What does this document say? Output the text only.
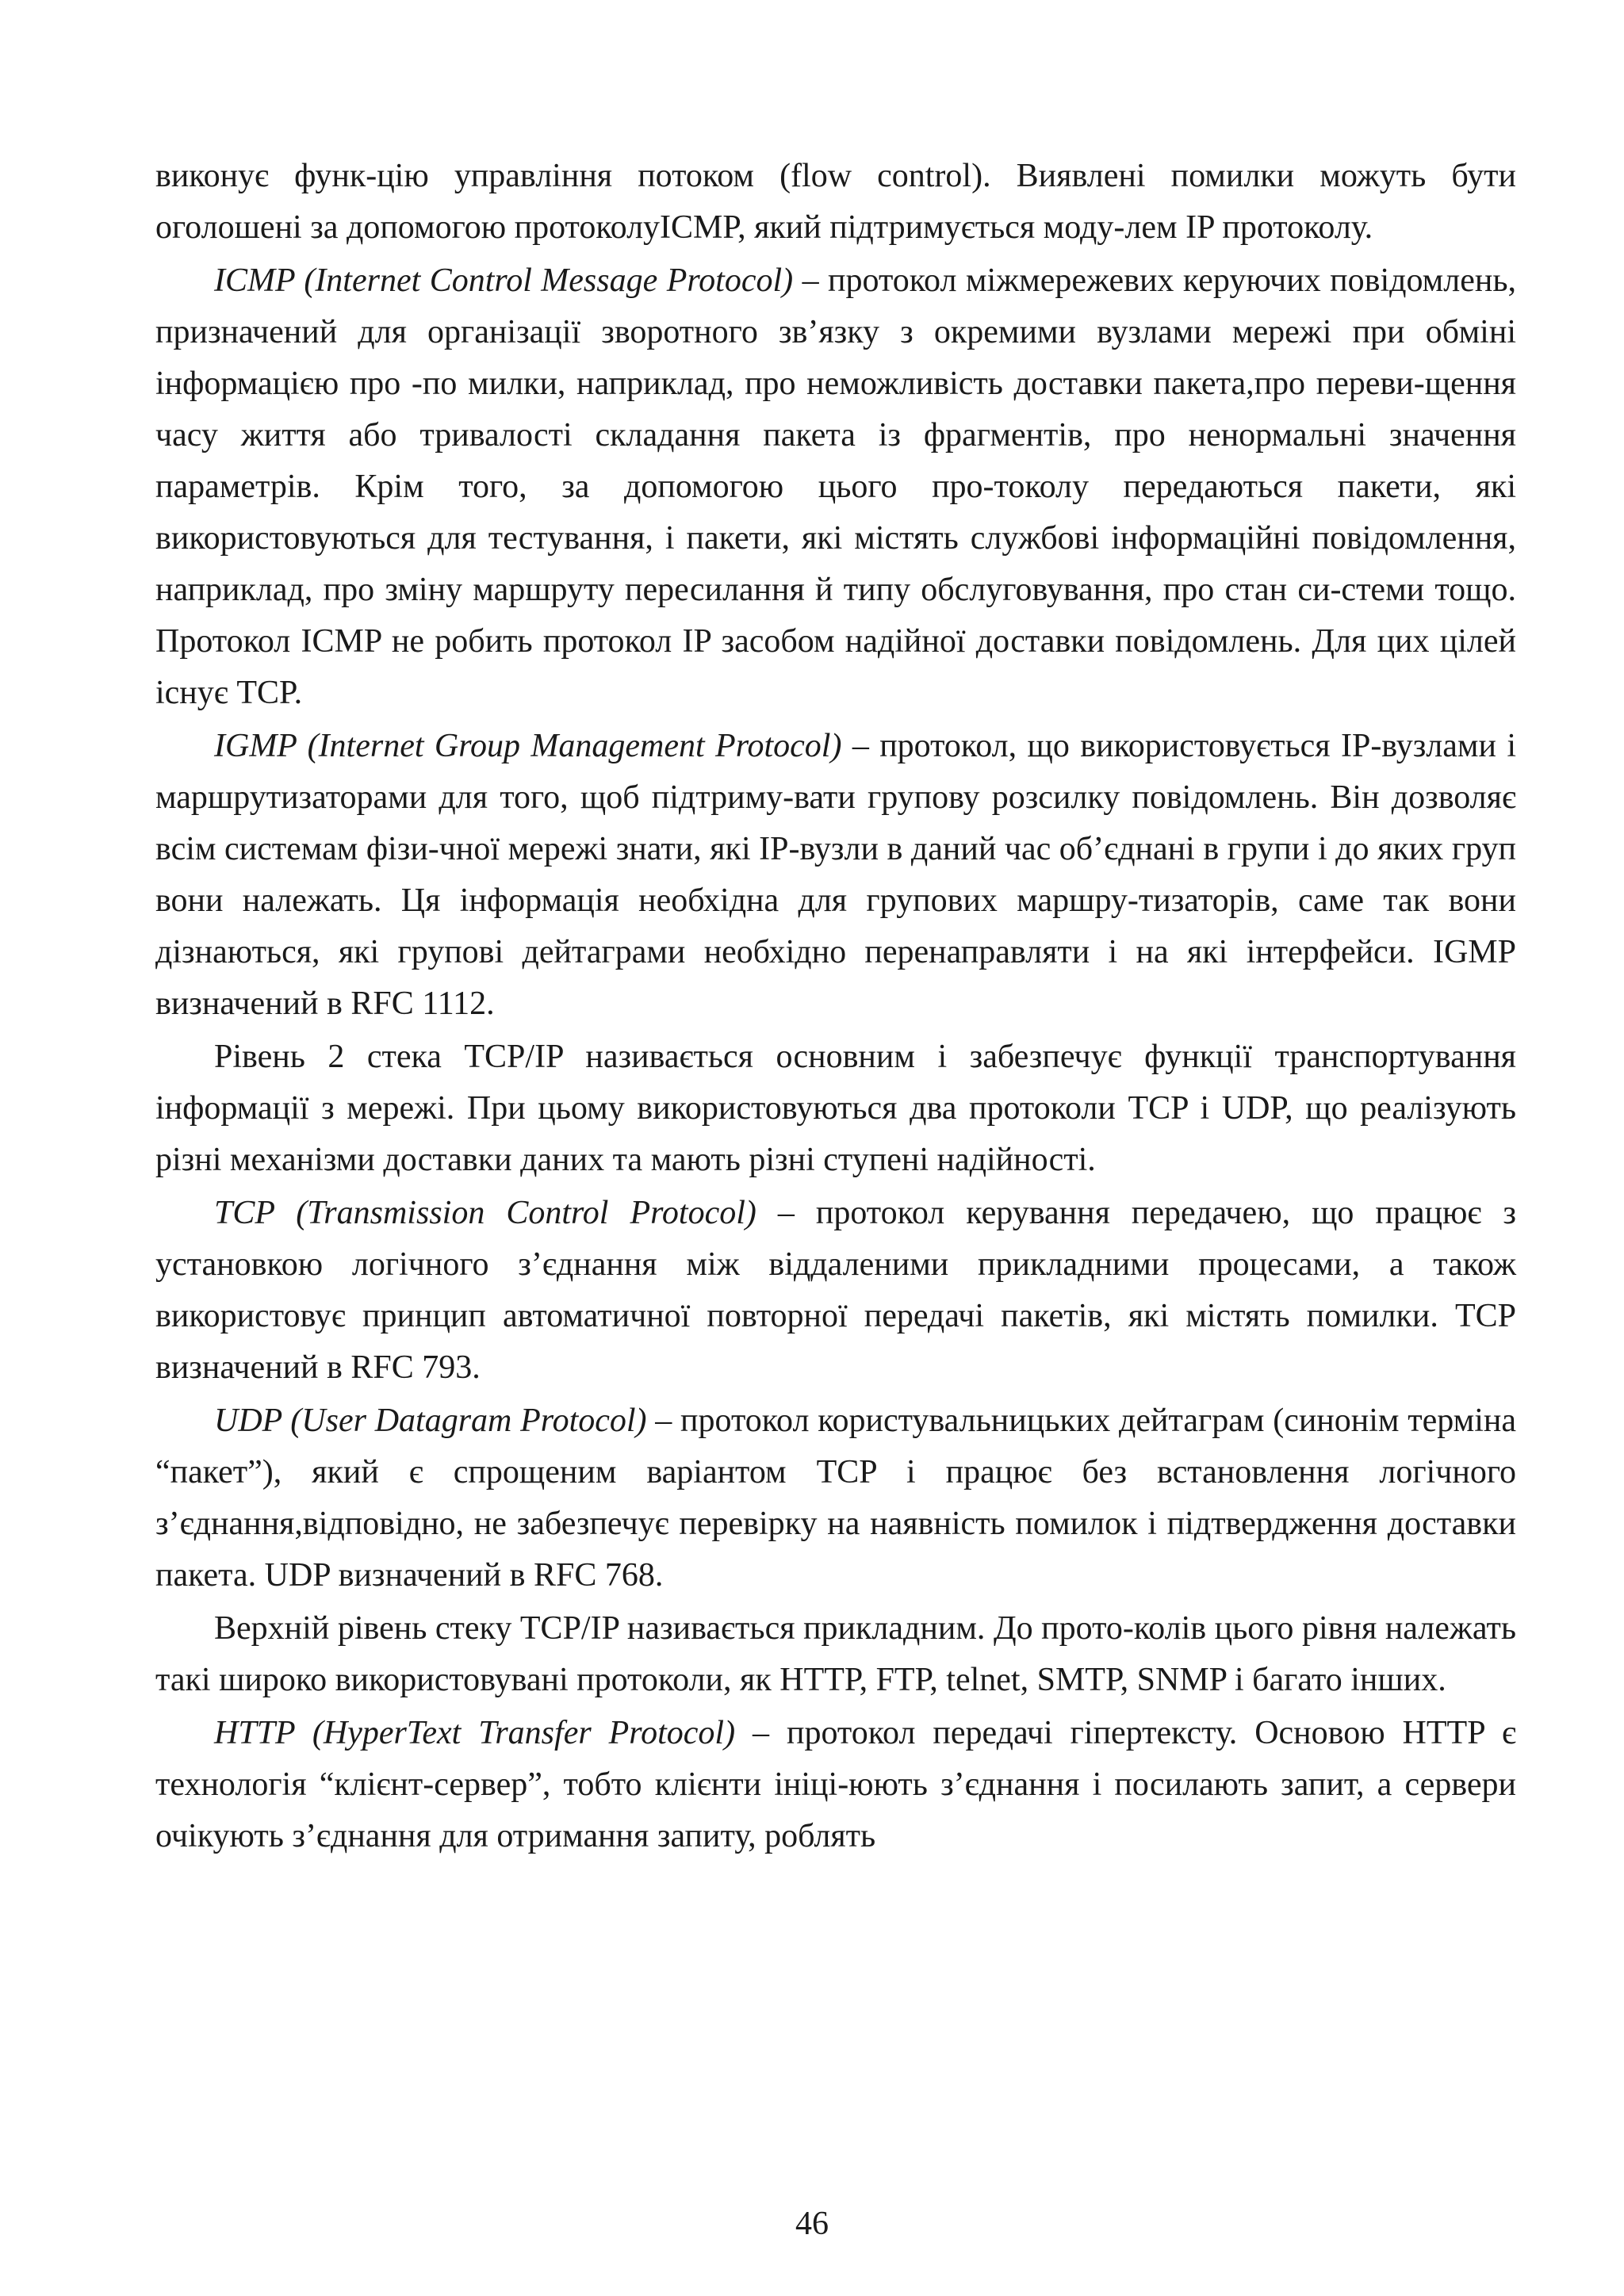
виконує функ-цію управління потоком (flow control). Виявлені помилки можуть бути оголошені за допомогою протоколуICMP, який підтримується моду-лем IP протоколу.

ICMP (Internet Control Message Protocol) – протокол міжмережевих керуючих повідомлень, призначений для організації зворотного зв’язку з окремими вузлами мережі при обміні інформацією про -по милки, наприклад, про неможливість доставки пакета,про переви-щення часу життя або тривалості складання пакета із фрагментів, про ненормальні значення параметрів. Крім того, за допомогою цього про-токолу передаються пакети, які використовуються для тестування, і пакети, які містять службові інформаційні повідомлення, наприклад, про зміну маршруту пересилання й типу обслуговування, про стан си-стеми тощо. Протокол ICMP не робить протокол IP засобом надійної доставки повідомлень. Для цих цілей існує TCP.

IGMP (Internet Group Management Protocol) – протокол, що використовується IP-вузлами і маршрутизаторами для того, щоб підтриму-вати групову розсилку повідомлень. Він дозволяє всім системам фізи-чної мережі знати, які IP-вузли в даний час об’єднані в групи і до яких груп вони належать. Ця інформація необхідна для групових маршру-тизаторів, саме так вони дізнаються, які групові дейтаграми необхідно перенаправляти і на які інтерфейси. IGMP визначений в RFC 1112.

Рівень 2 стека TCP/IP називається основним і забезпечує функції транспортування інформації з мережі. При цьому використовуються два протоколи TCP і UDP, що реалізують різні механізми доставки даних та мають різні ступені надійності.

TCP (Transmission Control Protocol) – протокол керування передачею, що працює з установкою логічного з’єднання між віддаленими прикладними процесами, а також використовує принцип автоматичної повторної передачі пакетів, які містять помилки. TCP визначений в RFC 793.

UDP (User Datagram Protocol) – протокол користувальницьких дейтаграм (синонім терміна “пакет”), який є спрощеним варіантом TCP і працює без встановлення логічного з’єднання,відповідно, не забезпечує перевірку на наявність помилок і підтвердження доставки пакета. UDP визначений в RFC 768.

Верхній рівень стеку TCP/IP називається прикладним. До прото-колів цього рівня належать такі широко використовувані протоколи, як HTTP, FTP, telnet, SMTP, SNMP і багато інших.

HTTP (HyperText Transfer Protocol) – протокол передачі гіпертексту. Основою HTTP є технологія “клієнт-сервер”, тобто клієнти ініці-юють з’єднання і посилають запит, а сервери очікують з’єднання для отримання запиту, роблять

46
